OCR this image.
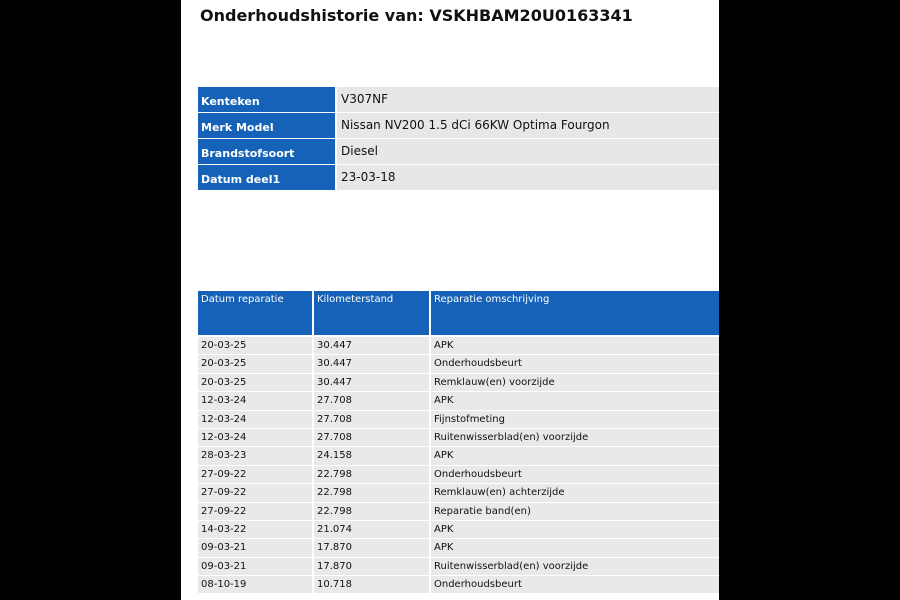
Onderhoudshistorie van: VSKHBAM20U0163341
Kenteken	V307NF
Merk Model	Nissan NV200 1.5 dCi 66KW Optima Fourgon
Brandstofsoort	Diesel
Datum deel1	23-03-18
Datum reparatie	Kilometerstand	Reparatie omschrijving
20-03-25	30.447	APK
20-03-25	30.447	Onderhoudsbeurt
20-03-25	30.447	Remklauw(en) voorzijde
12-03-24	27.708	APK
12-03-24	27.708	Fijnstofmeting
12-03-24	27.708	Ruitenwisserblad(en) voorzijde
28-03-23	24.158	APK
27-09-22	22.798	Onderhoudsbeurt
27-09-22	22.798	Remklauw(en) achterzijde
27-09-22	22.798	Reparatie band(en)
14-03-22	21.074	APK
09-03-21	17.870	APK
09-03-21	17.870	Ruitenwisserblad(en) voorzijde
08-10-19	10.718	Onderhoudsbeurt
